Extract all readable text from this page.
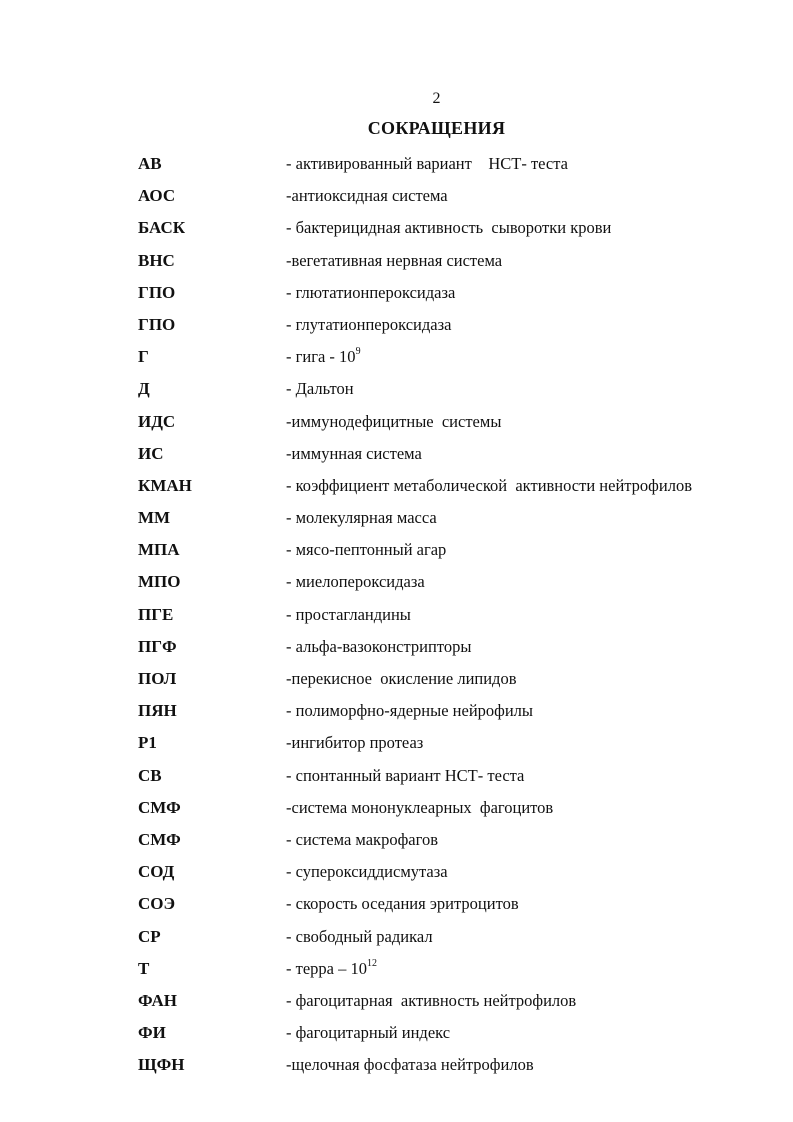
2
СОКРАЩЕНИЯ
АВ	- активированный вариант    НСТ- теста
АОС	-антиоксидная система
БАСК	- бактерицидная активность  сыворотки крови
ВНС	-вегетативная нервная система
ГПО	- глютатионпероксидаза
ГПО	- глутатионпероксидаза
Г	- гига - $10^9$
Д	- Дальтон
ИДС	-иммунодефицитные  системы
ИС	-иммунная система
КМАН	- коэффициент метаболической  активности нейтрофилов
ММ	- молекулярная масса
МПА	- мясо-пептонный агар
МПО	- миелопероксидаза
ПГЕ	- простагландины
ПГФ	- альфа-вазоконстрипторы
ПОЛ	-перекисное  окисление липидов
ПЯН	- полиморфно-ядерные нейрофилы
Р1	-ингибитор протеаз
СВ	- спонтанный вариант НСТ- теста
СМФ	-система мононуклеарных  фагоцитов
СМФ	- система макрофагов
СОД	- супероксиддисмутаза
СОЭ	- скорость оседания эритроцитов
СР	- свободный радикал
Т	- терра – $10^{12}$
ФАН	- фагоцитарная  активность нейтрофилов
ФИ	- фагоцитарный индекс
ЩФН	-щелочная фосфатаза нейтрофилов
